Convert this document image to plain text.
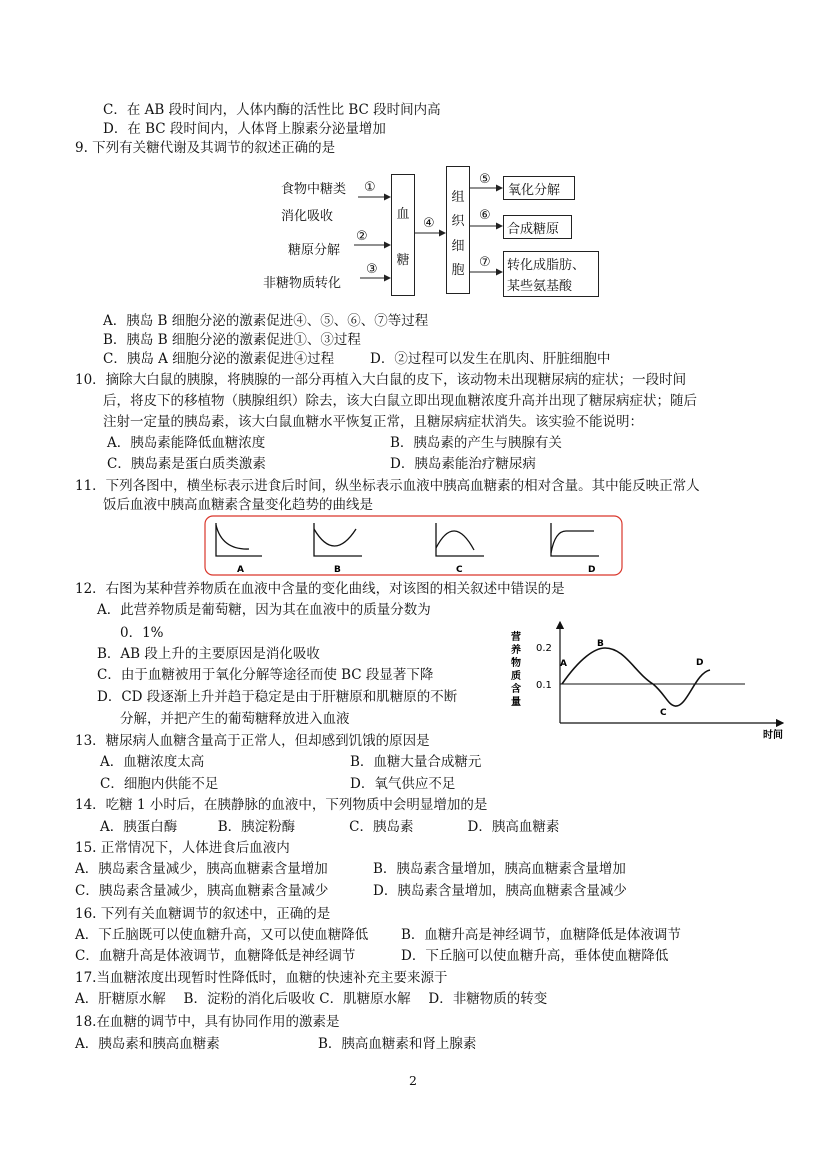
C．在 AB 段时间内，人体内酶的活性比 BC 段时间内高
D．在 BC 段时间内，人体肾上腺素分泌量增加
9. 下列有关糖代谢及其调节的叙述正确的是
食物中糖类
消化吸收
糖原分解
非糖物质转化
①
②
③
④
⑤
⑥
⑦
血
糖
组
织
细
胞
氧化分解
合成糖原
转化成脂肪、
某些氨基酸
A．胰岛 B 细胞分泌的激素促进④、⑤、⑥、⑦等过程
B．胰岛 B 细胞分泌的激素促进①、③过程
C．胰岛 A 细胞分泌的激素促进④过程	D．②过程可以发生在肌肉、肝脏细胞中
10．摘除大白鼠的胰腺，将胰腺的一部分再植入大白鼠的皮下，该动物未出现糖尿病的症状；一段时间
后，将皮下的移植物（胰腺组织）除去，该大白鼠立即出现血糖浓度升高并出现了糖尿病症状；随后
注射一定量的胰岛素，该大白鼠血糖水平恢复正常，且糖尿病症状消失。该实验不能说明：
A．胰岛素能降低血糖浓度	B．胰岛素的产生与胰腺有关
C．胰岛素是蛋白质类激素	D．胰岛素能治疗糖尿病
11．下列各图中，横坐标表示进食后时间，纵坐标表示血液中胰高血糖素的相对含量。其中能反映正常人
饭后血液中胰高血糖素含量变化趋势的曲线是
A	B	C	D
12．右图为某种营养物质在血液中含量的变化曲线，对该图的相关叙述中错误的是
A．此营养物质是葡萄糖，因为其在血液中的质量分数为
0．1%
B．AB 段上升的主要原因是消化吸收
C．由于血糖被用于氧化分解等途径而使 BC 段显著下降
D．CD 段逐渐上升并趋于稳定是由于肝糖原和肌糖原的不断
分解，并把产生的葡萄糖释放进入血液
营
养
物
质
含
量
0.2
0.1
A
B
C
D
时间
13．糖尿病人血糖含量高于正常人，但却感到饥饿的原因是
A．血糖浓度太高	B．血糖大量合成糖元
C．细胞内供能不足	D．氧气供应不足
14．吃糖 1 小时后，在胰静脉的血液中，下列物质中会明显增加的是
A．胰蛋白酶　　　B．胰淀粉酶　　　　C．胰岛素　　　　D．胰高血糖素
15. 正常情况下，人体进食后血液内
A．胰岛素含量减少，胰高血糖素含量增加	B．胰岛素含量增加，胰高血糖素含量增加
C．胰岛素含量减少，胰高血糖素含量减少	D．胰岛素含量增加，胰高血糖素含量减少
16. 下列有关血糖调节的叙述中，正确的是
A．下丘脑既可以使血糖升高，又可以使血糖降低 B．血糖升高是神经调节，血糖降低是体液调节
C．血糖升高是体液调节，血糖降低是神经调节	D．下丘脑可以使血糖升高，垂体使血糖降低
17.当血糖浓度出现暂时性降低时，血糖的快速补充主要来源于
A．肝糖原水解　 B．淀粉的消化后吸收 C．肌糖原水解　 D．非糖物质的转变
18.在血糖的调节中，具有协同作用的激素是
A．胰岛素和胰高血糖素	B．胰高血糖素和肾上腺素
2
